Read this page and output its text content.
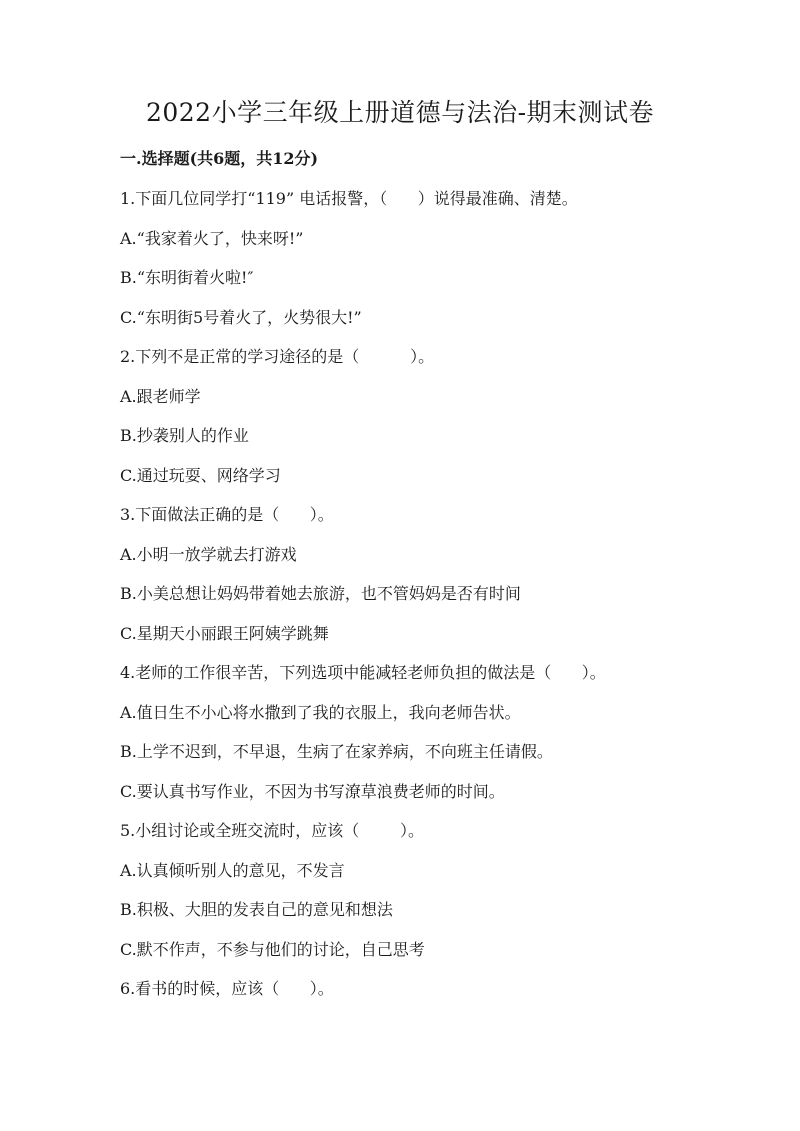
2022小学三年级上册道德与法治-期末测试卷
一.选择题(共6题，共12分)

1.下面几位同学打“119” 电话报警，（      ）说得最准确、清楚。

A.“我家着火了，快来呀!”

B.“东明街着火啦!″

C.“东明街5号着火了，火势很大!”

2.下列不是正常的学习途径的是（          ）。

A.跟老师学

B.抄袭别人的作业

C.通过玩耍、网络学习

3.下面做法正确的是（      ）。

A.小明一放学就去打游戏

B.小美总想让妈妈带着她去旅游，也不管妈妈是否有时间

C.星期天小丽跟王阿姨学跳舞

4.老师的工作很辛苦，下列选项中能减轻老师负担的做法是（      ）。

A.值日生不小心将水撒到了我的衣服上，我向老师告状。

B.上学不迟到，不早退，生病了在家养病，不向班主任请假。

C.要认真书写作业，不因为书写潦草浪费老师的时间。

5.小组讨论或全班交流时，应该（        ）。

A.认真倾听别人的意见，不发言

B.积极、大胆的发表自己的意见和想法

C.默不作声，不参与他们的讨论，自己思考

6.看书的时候，应该（      ）。
